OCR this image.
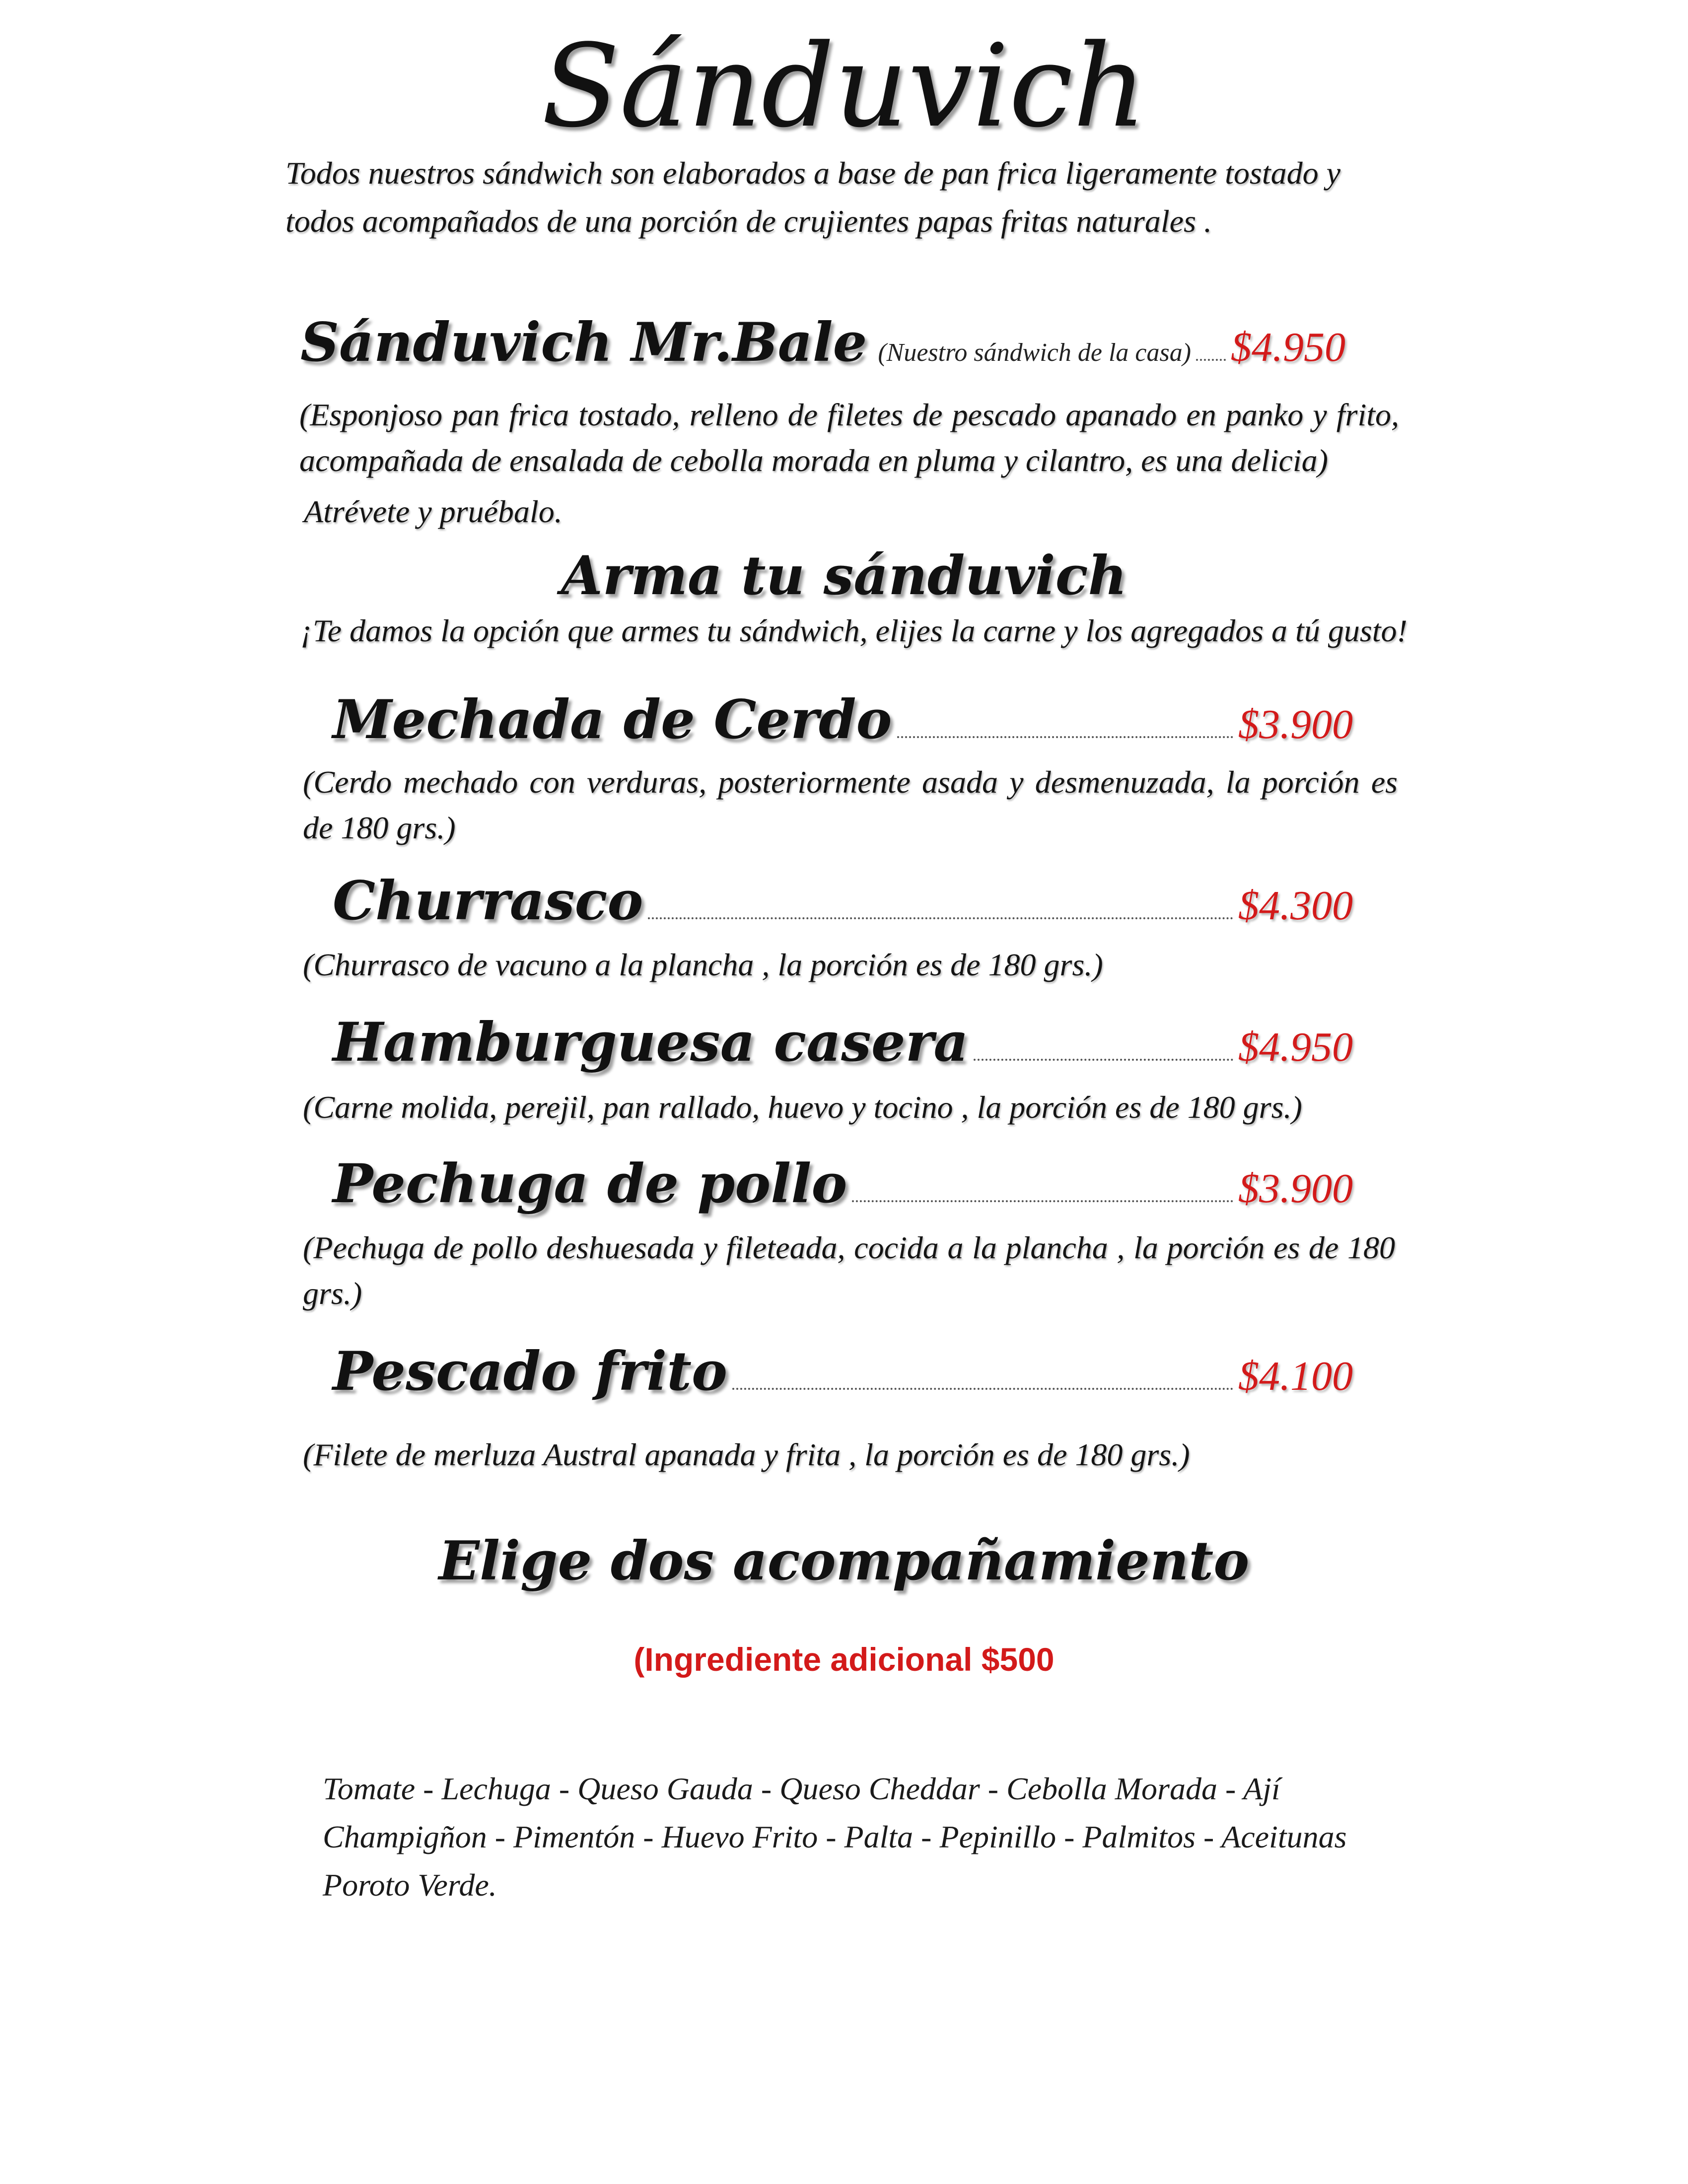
Sánduvich
Todos nuestros sándwich son elaborados a base de pan frica ligeramente tostado y todos acompañados de una porción de crujientes papas fritas naturales .
Sánduvich Mr.Bale (Nuestro sándwich de la casa) $4.950
(Esponjoso pan frica tostado, relleno de filetes de pescado apanado en panko y frito, acompañada de ensalada de cebolla morada en pluma y cilantro, es una delicia)
Atrévete y pruébalo.
Arma tu sánduvich
¡Te damos la opción que armes tu sándwich, elijes la carne y los agregados a tú gusto!
Mechada de Cerdo	$3.900
(Cerdo mechado con verduras, posteriormente asada y desmenuzada, la porción es de 180 grs.)
Churrasco	$4.300
(Churrasco de vacuno a la plancha , la porción es de 180 grs.)
Hamburguesa casera	$4.950
(Carne molida, perejil, pan rallado, huevo y tocino , la porción es de 180 grs.)
Pechuga de pollo	$3.900
(Pechuga de pollo deshuesada y fileteada, cocida a la plancha , la porción es de 180 grs.)
Pescado frito	$4.100
(Filete de merluza Austral apanada y frita , la porción es de 180 grs.)
Elige dos acompañamiento
(Ingrediente adicional $500
Tomate - Lechuga - Queso Gauda - Queso Cheddar - Cebolla Morada - Ají
Champigñon - Pimentón - Huevo Frito - Palta - Pepinillo - Palmitos - Aceitunas
Poroto Verde.
